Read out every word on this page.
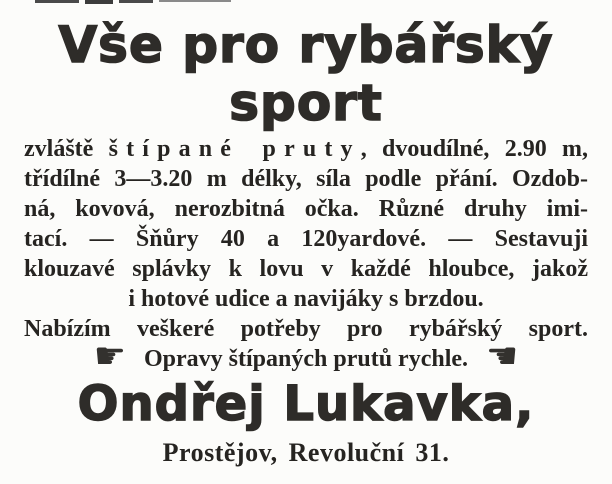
Vše pro rybářský
sport
zvláště štípané pruty, dvoudílné, 2.90 m,
třídílné 3—3.20 m délky, síla podle přání. Ozdob-
ná, kovová, nerozbitná očka. Různé druhy imi-
tací. — Šňůry 40 a 120yardové. — Sestavuji
klouzavé splávky k lovu v každé hloubce, jakož
i hotové udice a navijáky s brzdou.
Nabízím veškeré potřeby pro rybářský sport.
☛ Opravy štípaných prutů rychle. ☚
Ondřej Lukavka,
Prostějov, Revoluční 31.
